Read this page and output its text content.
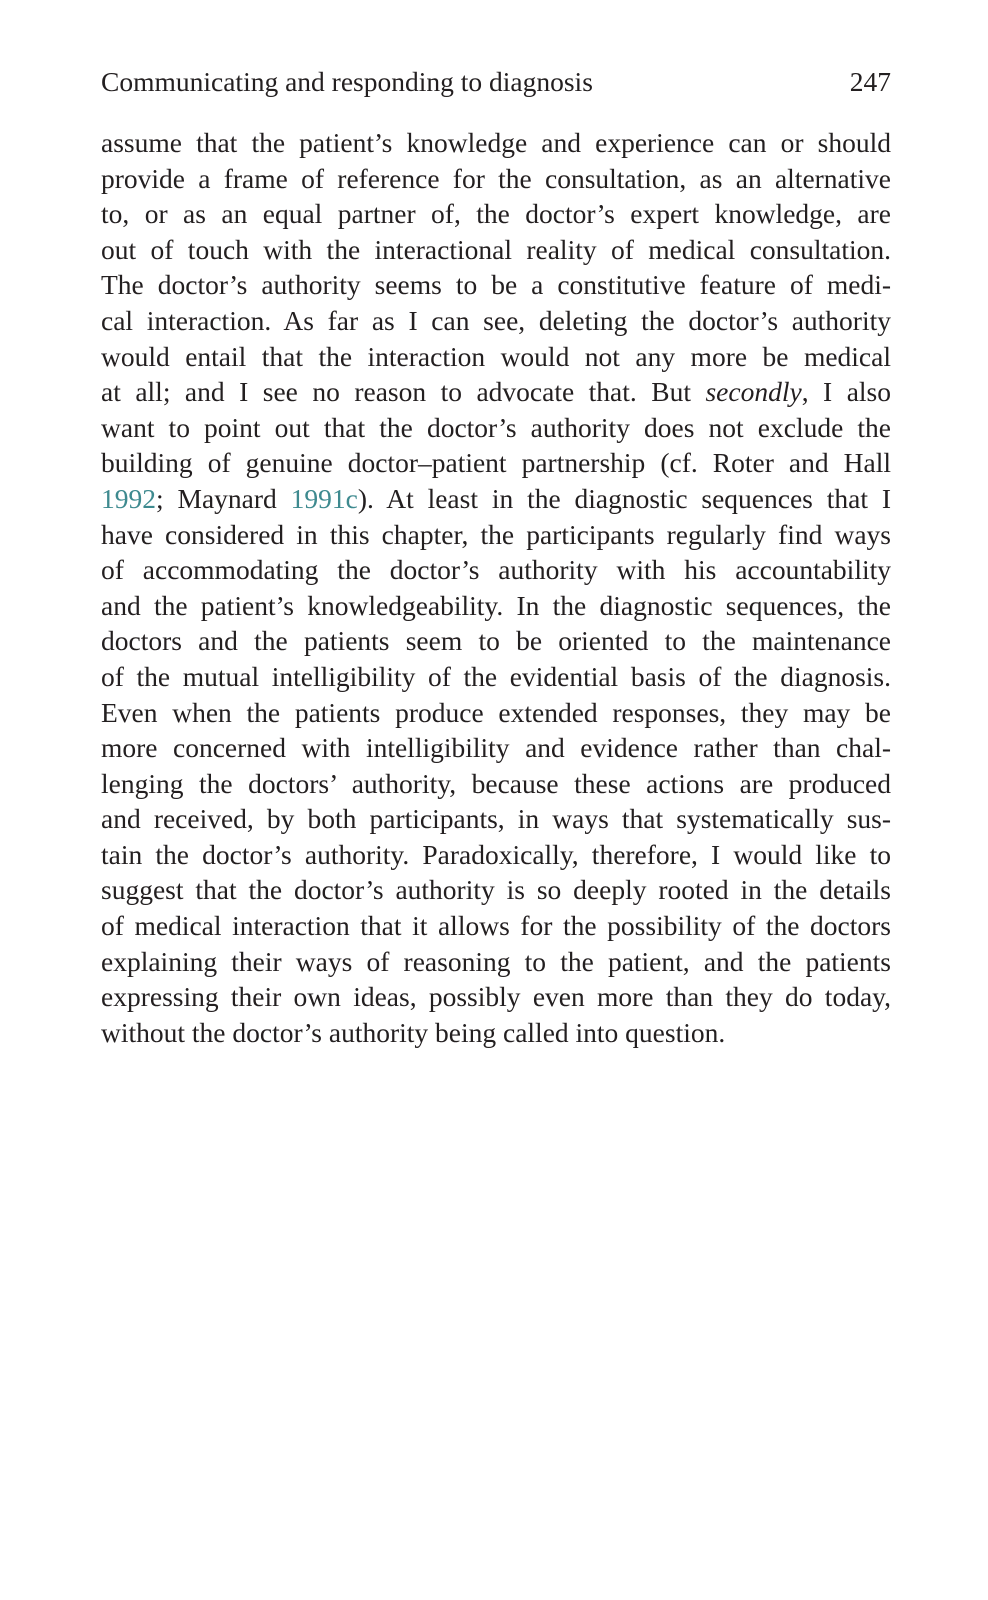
Communicating and responding to diagnosis	247
assume that the patient’s knowledge and experience can or should
provide a frame of reference for the consultation, as an alternative
to, or as an equal partner of, the doctor’s expert knowledge, are
out of touch with the interactional reality of medical consultation.
The doctor’s authority seems to be a constitutive feature of medi-
cal interaction. As far as I can see, deleting the doctor’s authority
would entail that the interaction would not any more be medical
at all; and I see no reason to advocate that. But secondly, I also
want to point out that the doctor’s authority does not exclude the
building of genuine doctor–patient partnership (cf. Roter and Hall
1992; Maynard 1991c). At least in the diagnostic sequences that I
have considered in this chapter, the participants regularly find ways
of accommodating the doctor’s authority with his accountability
and the patient’s knowledgeability. In the diagnostic sequences, the
doctors and the patients seem to be oriented to the maintenance
of the mutual intelligibility of the evidential basis of the diagnosis.
Even when the patients produce extended responses, they may be
more concerned with intelligibility and evidence rather than chal-
lenging the doctors’ authority, because these actions are produced
and received, by both participants, in ways that systematically sus-
tain the doctor’s authority. Paradoxically, therefore, I would like to
suggest that the doctor’s authority is so deeply rooted in the details
of medical interaction that it allows for the possibility of the doctors
explaining their ways of reasoning to the patient, and the patients
expressing their own ideas, possibly even more than they do today,
without the doctor’s authority being called into question.
